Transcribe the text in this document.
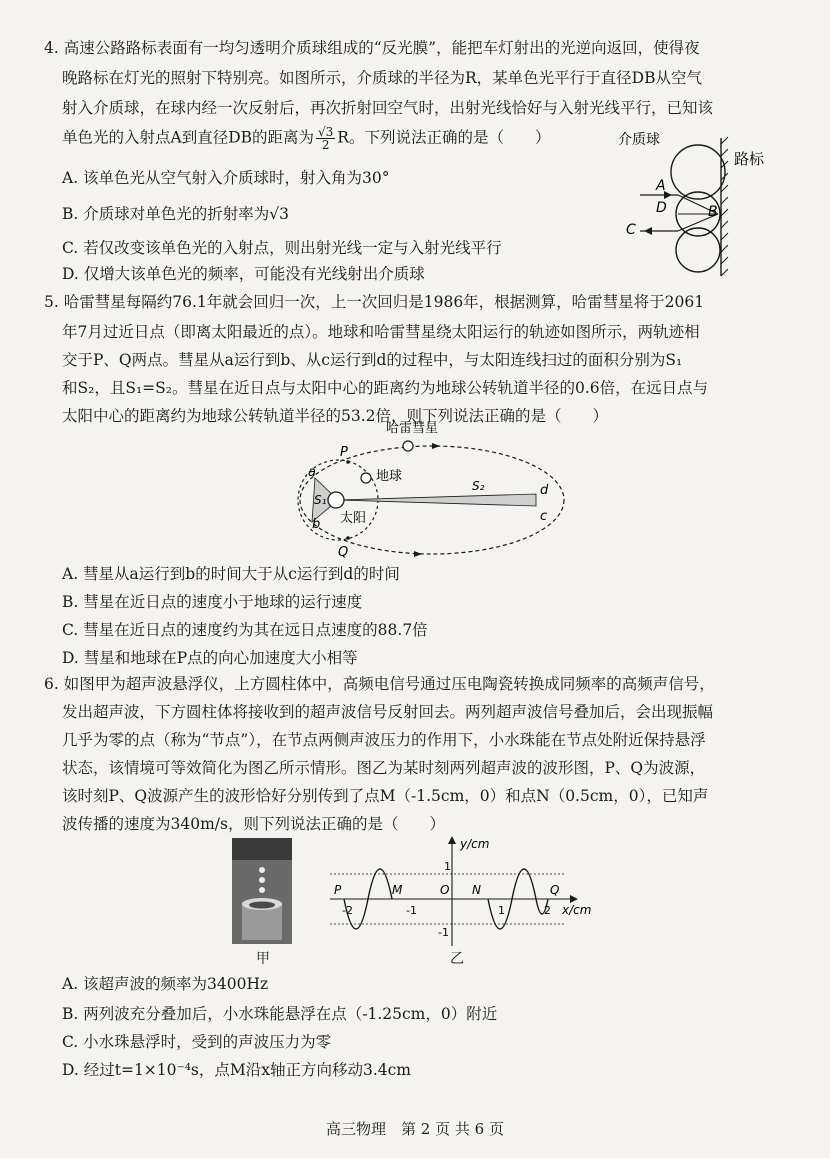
4. 高速公路路标表面有一均匀透明介质球组成的“反光膜”，能把车灯射出的光逆向返回，使得夜
晚路标在灯光的照射下特别亮。如图所示，介质球的半径为R，某单色光平行于直径DB从空气
射入介质球，在球内经一次反射后，再次折射回空气时，出射光线恰好与入射光线平行，已知该
单色光的入射点A到直径DB的距离为 $\frac{√3}{2}$ R。下列说法正确的是（　　）
A. 该单色光从空气射入介质球时，射入角为30°
B. 介质球对单色光的折射率为√3
C. 若仅改变该单色光的入射点，则出射光线一定与入射光线平行
D. 仅增大该单色光的频率，可能没有光线射出介质球
介质球
路标
A
D	B
C
5. 哈雷彗星每隔约76.1年就会回归一次，上一次回归是1986年，根据测算，哈雷彗星将于2061
年7月过近日点（即离太阳最近的点）。地球和哈雷彗星绕太阳运行的轨迹如图所示，两轨迹相
交于P、Q两点。彗星从a运行到b、从c运行到d的过程中，与太阳连线扫过的面积分别为S₁
和S₂，且S₁=S₂。彗星在近日点与太阳中心的距离约为地球公转轨道半径的0.6倍，在远日点与
太阳中心的距离约为地球公转轨道半径的53.2倍，则下列说法正确的是（　　）
哈雷彗星
地球
太阳
P
Q
a
b
c
d
S₁
S₂
A. 彗星从a运行到b的时间大于从c运行到d的时间
B. 彗星在近日点的速度小于地球的运行速度
C. 彗星在近日点的速度约为其在远日点速度的88.7倍
D. 彗星和地球在P点的向心加速度大小相等
6. 如图甲为超声波悬浮仪，上方圆柱体中，高频电信号通过压电陶瓷转换成同频率的高频声信号，
发出超声波，下方圆柱体将接收到的超声波信号反射回去。两列超声波信号叠加后，会出现振幅
几乎为零的点（称为“节点”），在节点两侧声波压力的作用下，小水珠能在节点处附近保持悬浮
状态，该情境可等效简化为图乙所示情形。图乙为某时刻两列超声波的波形图，P、Q为波源，
该时刻P、Q波源产生的波形恰好分别传到了点M（-1.5cm，0）和点N（0.5cm，0），已知声
波传播的速度为340m/s，则下列说法正确的是（　　）
甲
y/cm
x/cm
1
-1
-2	-1	1	2
P	Q
M	N
O
乙
A. 该超声波的频率为3400Hz
B. 两列波充分叠加后，小水珠能悬浮在点（-1.25cm，0）附近
C. 小水珠悬浮时，受到的声波压力为零
D. 经过t=1×10⁻⁴s，点M沿x轴正方向移动3.4cm
高三物理　第 2 页 共 6 页
